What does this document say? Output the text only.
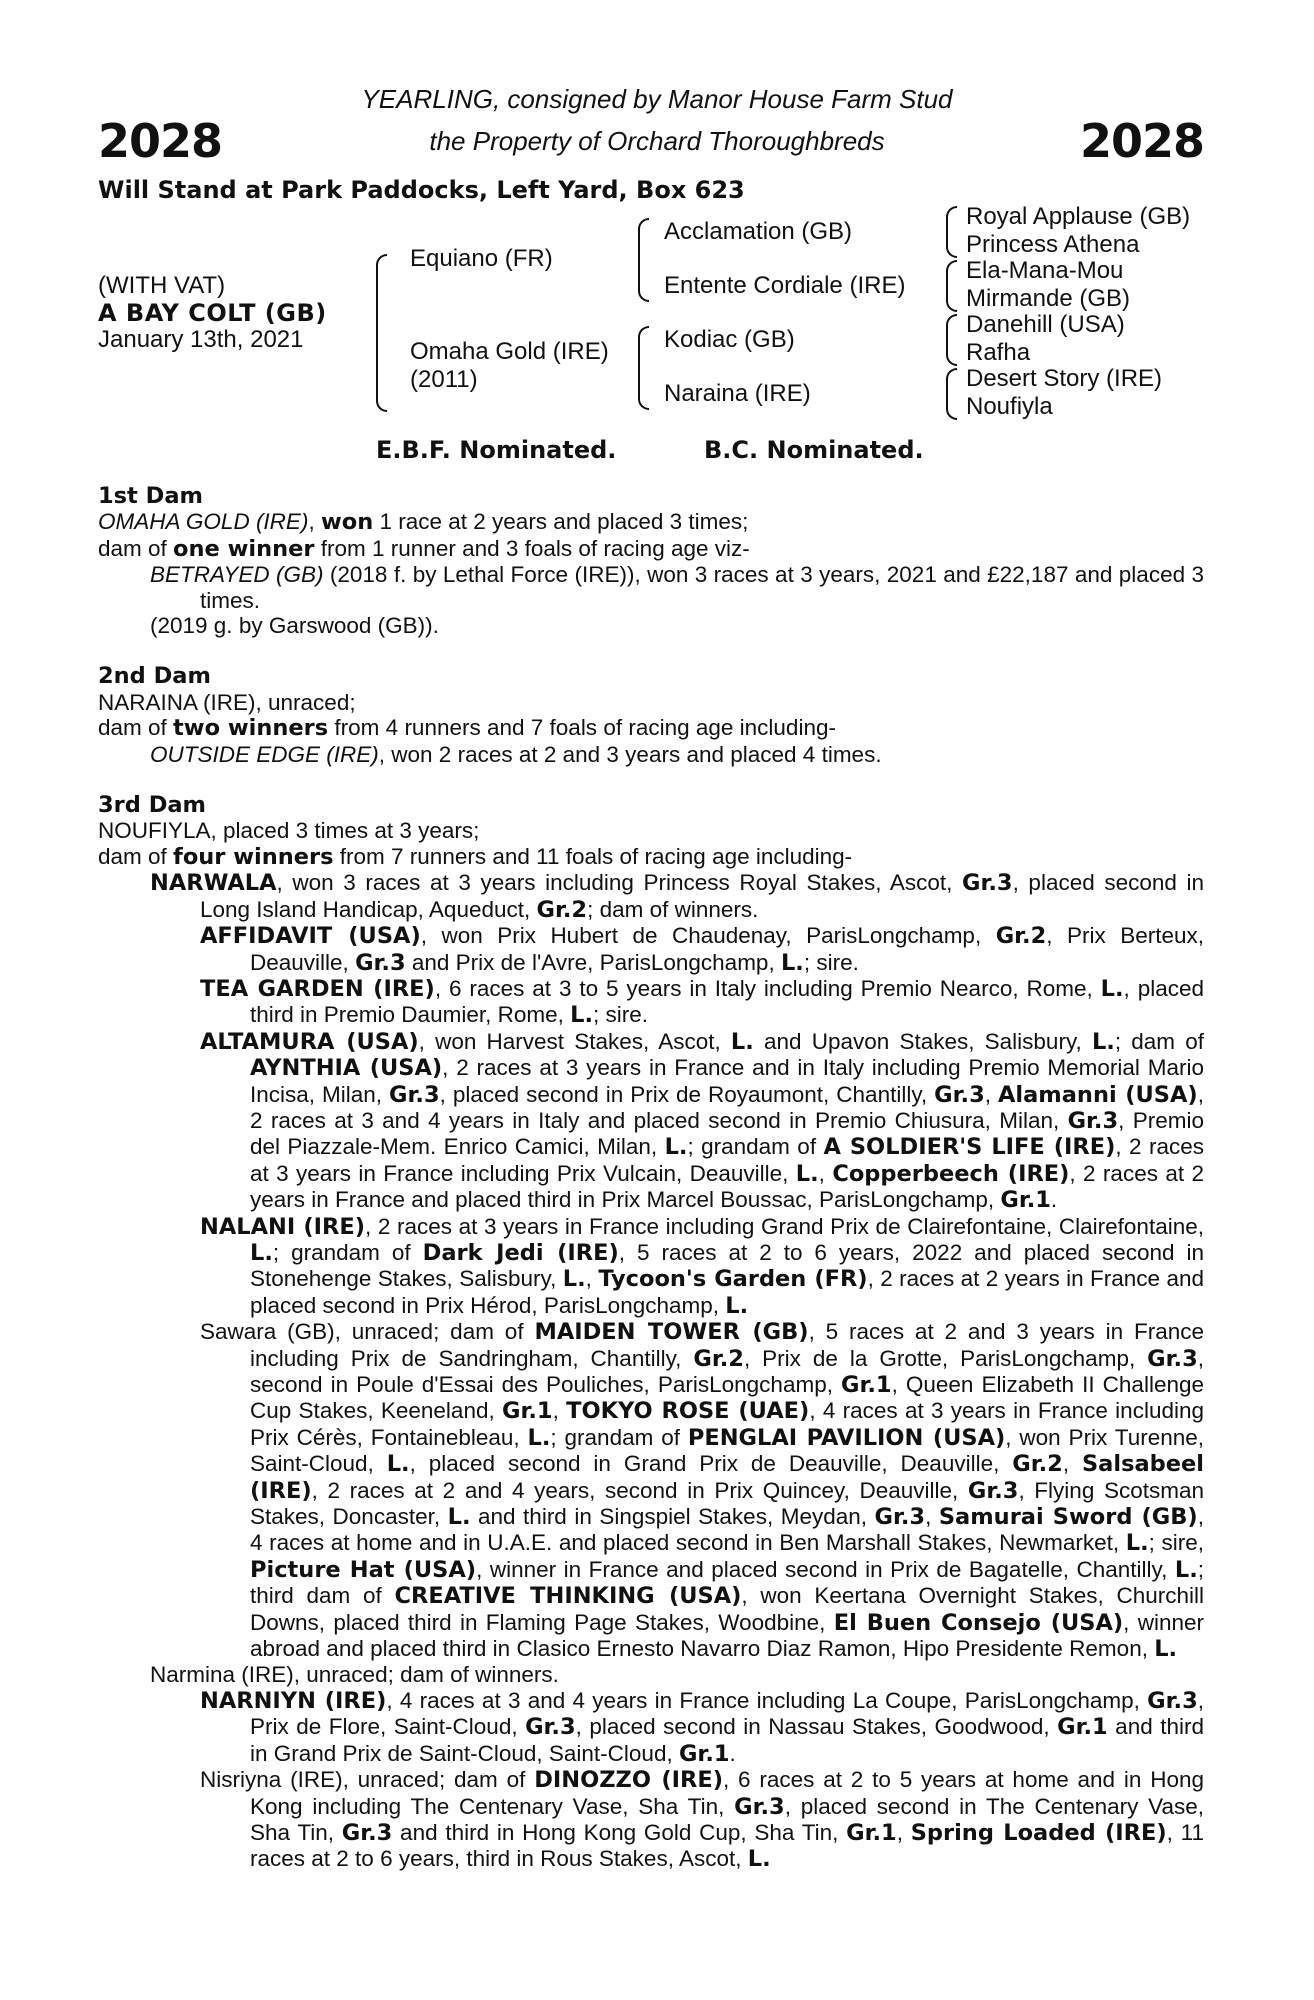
2028	2028
YEARLING, consigned by Manor House Farm Stud
the Property of Orchard Thoroughbreds
Will Stand at Park Paddocks, Left Yard, Box 623
(WITH VAT)
A BAY COLT (GB)
January 13th, 2021
Equiano (FR)
Omaha Gold (IRE)
(2011)
Acclamation (GB)
Entente Cordiale (IRE)
Kodiac (GB)
Naraina (IRE)
Royal Applause (GB)
Princess Athena
Ela-Mana-Mou
Mirmande (GB)
Danehill (USA)
Rafha
Desert Story (IRE)
Noufiyla
E.B.F. Nominated.	B.C. Nominated.
1st Dam
OMAHA GOLD (IRE), won 1 race at 2 years and placed 3 times;
dam of one winner from 1 runner and 3 foals of racing age viz-
BETRAYED (GB) (2018 f. by Lethal Force (IRE)), won 3 races at 3 years, 2021 and £22,187 and placed 3 times.
(2019 g. by Garswood (GB)).
2nd Dam
NARAINA (IRE), unraced;
dam of two winners from 4 runners and 7 foals of racing age including-
OUTSIDE EDGE (IRE), won 2 races at 2 and 3 years and placed 4 times.
3rd Dam
NOUFIYLA, placed 3 times at 3 years;
dam of four winners from 7 runners and 11 foals of racing age including-
NARWALA, won 3 races at 3 years including Princess Royal Stakes, Ascot, Gr.3, placed second in Long Island Handicap, Aqueduct, Gr.2; dam of winners.
AFFIDAVIT (USA), won Prix Hubert de Chaudenay, ParisLongchamp, Gr.2, Prix Berteux, Deauville, Gr.3 and Prix de l'Avre, ParisLongchamp, L.; sire.
TEA GARDEN (IRE), 6 races at 3 to 5 years in Italy including Premio Nearco, Rome, L., placed third in Premio Daumier, Rome, L.; sire.
ALTAMURA (USA), won Harvest Stakes, Ascot, L. and Upavon Stakes, Salisbury, L.; dam of AYNTHIA (USA), 2 races at 3 years in France and in Italy including Premio Memorial Mario Incisa, Milan, Gr.3, placed second in Prix de Royaumont, Chantilly, Gr.3, Alamanni (USA), 2 races at 3 and 4 years in Italy and placed second in Premio Chiusura, Milan, Gr.3, Premio del Piazzale-Mem. Enrico Camici, Milan, L.; grandam of A SOLDIER'S LIFE (IRE), 2 races at 3 years in France including Prix Vulcain, Deauville, L., Copperbeech (IRE), 2 races at 2 years in France and placed third in Prix Marcel Boussac, ParisLongchamp, Gr.1.
NALANI (IRE), 2 races at 3 years in France including Grand Prix de Clairefontaine, Clairefontaine, L.; grandam of Dark Jedi (IRE), 5 races at 2 to 6 years, 2022 and placed second in Stonehenge Stakes, Salisbury, L., Tycoon's Garden (FR), 2 races at 2 years in France and placed second in Prix Hérod, ParisLongchamp, L.
Sawara (GB), unraced; dam of MAIDEN TOWER (GB), 5 races at 2 and 3 years in France including Prix de Sandringham, Chantilly, Gr.2, Prix de la Grotte, ParisLongchamp, Gr.3, second in Poule d'Essai des Pouliches, ParisLongchamp, Gr.1, Queen Elizabeth II Challenge Cup Stakes, Keeneland, Gr.1, TOKYO ROSE (UAE), 4 races at 3 years in France including Prix Cérès, Fontainebleau, L.; grandam of PENGLAI PAVILION (USA), won Prix Turenne, Saint-Cloud, L., placed second in Grand Prix de Deauville, Deauville, Gr.2, Salsabeel (IRE), 2 races at 2 and 4 years, second in Prix Quincey, Deauville, Gr.3, Flying Scotsman Stakes, Doncaster, L. and third in Singspiel Stakes, Meydan, Gr.3, Samurai Sword (GB), 4 races at home and in U.A.E. and placed second in Ben Marshall Stakes, Newmarket, L.; sire, Picture Hat (USA), winner in France and placed second in Prix de Bagatelle, Chantilly, L.; third dam of CREATIVE THINKING (USA), won Keertana Overnight Stakes, Churchill Downs, placed third in Flaming Page Stakes, Woodbine, El Buen Consejo (USA), winner abroad and placed third in Clasico Ernesto Navarro Diaz Ramon, Hipo Presidente Remon, L.
Narmina (IRE), unraced; dam of winners.
NARNIYN (IRE), 4 races at 3 and 4 years in France including La Coupe, ParisLongchamp, Gr.3, Prix de Flore, Saint-Cloud, Gr.3, placed second in Nassau Stakes, Goodwood, Gr.1 and third in Grand Prix de Saint-Cloud, Saint-Cloud, Gr.1.
Nisriyna (IRE), unraced; dam of DINOZZO (IRE), 6 races at 2 to 5 years at home and in Hong Kong including The Centenary Vase, Sha Tin, Gr.3, placed second in The Centenary Vase, Sha Tin, Gr.3 and third in Hong Kong Gold Cup, Sha Tin, Gr.1, Spring Loaded (IRE), 11 races at 2 to 6 years, third in Rous Stakes, Ascot, L.
